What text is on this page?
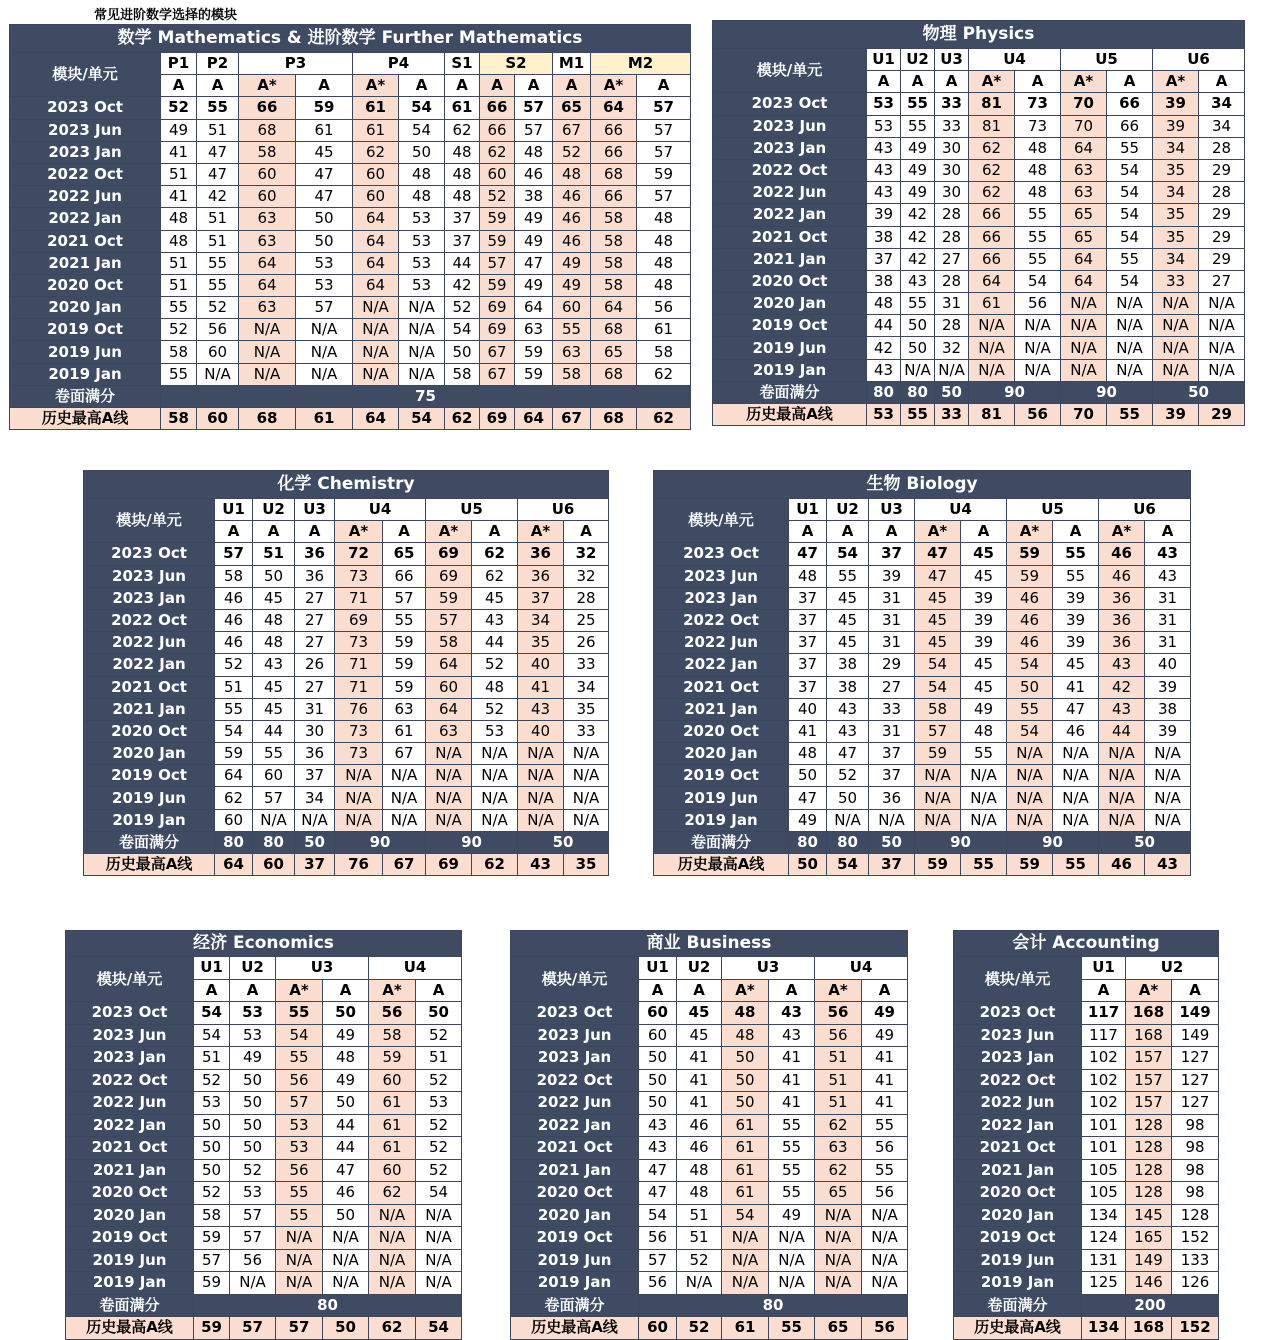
常见进阶数学选择的模块
数学 Mathematics & 进阶数学 Further Mathematics												
模块/单元	P1	P2	P3		P4		S1	S2		M1	M2	
	A	A	A*	A	A*	A	A	A	A	A	A*	A
2023 Oct	52	55	66	59	61	54	61	66	57	65	64	57
2023 Jun	49	51	68	61	61	54	62	66	57	67	66	57
2023 Jan	41	47	58	45	62	50	48	62	48	52	66	57
2022 Oct	51	47	60	47	60	48	48	60	46	48	68	59
2022 Jun	41	42	60	47	60	48	48	52	38	46	66	57
2022 Jan	48	51	63	50	64	53	37	59	49	46	58	48
2021 Oct	48	51	63	50	64	53	37	59	49	46	58	48
2021 Jan	51	55	64	53	64	53	44	57	47	49	58	48
2020 Oct	51	55	64	53	64	53	42	59	49	49	58	48
2020 Jan	55	52	63	57	N/A	N/A	52	69	64	60	64	56
2019 Oct	52	56	N/A	N/A	N/A	N/A	54	69	63	55	68	61
2019 Jun	58	60	N/A	N/A	N/A	N/A	50	67	59	63	65	58
2019 Jan	55	N/A	N/A	N/A	N/A	N/A	58	67	59	58	68	62
卷面满分	75											
历史最高A线	58	60	68	61	64	54	62	69	64	67	68	62
物理 Physics									
模块/单元	U1	U2	U3	U4		U5		U6	
	A	A	A	A*	A	A*	A	A*	A
2023 Oct	53	55	33	81	73	70	66	39	34
2023 Jun	53	55	33	81	73	70	66	39	34
2023 Jan	43	49	30	62	48	64	55	34	28
2022 Oct	43	49	30	62	48	63	54	35	29
2022 Jun	43	49	30	62	48	63	54	34	28
2022 Jan	39	42	28	66	55	65	54	35	29
2021 Oct	38	42	28	66	55	65	54	35	29
2021 Jan	37	42	27	66	55	64	55	34	29
2020 Oct	38	43	28	64	54	64	54	33	27
2020 Jan	48	55	31	61	56	N/A	N/A	N/A	N/A
2019 Oct	44	50	28	N/A	N/A	N/A	N/A	N/A	N/A
2019 Jun	42	50	32	N/A	N/A	N/A	N/A	N/A	N/A
2019 Jan	43	N/A	N/A	N/A	N/A	N/A	N/A	N/A	N/A
卷面满分	80	80	50	90		90		50	
历史最高A线	53	55	33	81	56	70	55	39	29
化学 Chemistry									
模块/单元	U1	U2	U3	U4		U5		U6	
	A	A	A	A*	A	A*	A	A*	A
2023 Oct	57	51	36	72	65	69	62	36	32
2023 Jun	58	50	36	73	66	69	62	36	32
2023 Jan	46	45	27	71	57	59	45	37	28
2022 Oct	46	48	27	69	55	57	43	34	25
2022 Jun	46	48	27	73	59	58	44	35	26
2022 Jan	52	43	26	71	59	64	52	40	33
2021 Oct	51	45	27	71	59	60	48	41	34
2021 Jan	55	45	31	76	63	64	52	43	35
2020 Oct	54	44	30	73	61	63	53	40	33
2020 Jan	59	55	36	73	67	N/A	N/A	N/A	N/A
2019 Oct	64	60	37	N/A	N/A	N/A	N/A	N/A	N/A
2019 Jun	62	57	34	N/A	N/A	N/A	N/A	N/A	N/A
2019 Jan	60	N/A	N/A	N/A	N/A	N/A	N/A	N/A	N/A
卷面满分	80	80	50	90		90		50	
历史最高A线	64	60	37	76	67	69	62	43	35
生物 Biology									
模块/单元	U1	U2	U3	U4		U5		U6	
	A	A	A	A*	A	A*	A	A*	A
2023 Oct	47	54	37	47	45	59	55	46	43
2023 Jun	48	55	39	47	45	59	55	46	43
2023 Jan	37	45	31	45	39	46	39	36	31
2022 Oct	37	45	31	45	39	46	39	36	31
2022 Jun	37	45	31	45	39	46	39	36	31
2022 Jan	37	38	29	54	45	54	45	43	40
2021 Oct	37	38	27	54	45	50	41	42	39
2021 Jan	40	43	33	58	49	55	47	43	38
2020 Oct	41	43	31	57	48	54	46	44	39
2020 Jan	48	47	37	59	55	N/A	N/A	N/A	N/A
2019 Oct	50	52	37	N/A	N/A	N/A	N/A	N/A	N/A
2019 Jun	47	50	36	N/A	N/A	N/A	N/A	N/A	N/A
2019 Jan	49	N/A	N/A	N/A	N/A	N/A	N/A	N/A	N/A
卷面满分	80	80	50	90		90		50	
历史最高A线	50	54	37	59	55	59	55	46	43
经济 Economics						
模块/单元	U1	U2	U3		U4	
	A	A	A*	A	A*	A
2023 Oct	54	53	55	50	56	50
2023 Jun	54	53	54	49	58	52
2023 Jan	51	49	55	48	59	51
2022 Oct	52	50	56	49	60	52
2022 Jun	53	50	57	50	61	53
2022 Jan	50	50	53	44	61	52
2021 Oct	50	50	53	44	61	52
2021 Jan	50	52	56	47	60	52
2020 Oct	52	53	55	46	62	54
2020 Jan	58	57	55	50	N/A	N/A
2019 Oct	59	57	N/A	N/A	N/A	N/A
2019 Jun	57	56	N/A	N/A	N/A	N/A
2019 Jan	59	N/A	N/A	N/A	N/A	N/A
卷面满分	80					
历史最高A线	59	57	57	50	62	54
商业 Business						
模块/单元	U1	U2	U3		U4	
	A	A	A*	A	A*	A
2023 Oct	60	45	48	43	56	49
2023 Jun	60	45	48	43	56	49
2023 Jan	50	41	50	41	51	41
2022 Oct	50	41	50	41	51	41
2022 Jun	50	41	50	41	51	41
2022 Jan	43	46	61	55	62	55
2021 Oct	43	46	61	55	63	56
2021 Jan	47	48	61	55	62	55
2020 Oct	47	48	61	55	65	56
2020 Jan	54	51	54	49	N/A	N/A
2019 Oct	56	51	N/A	N/A	N/A	N/A
2019 Jun	57	52	N/A	N/A	N/A	N/A
2019 Jan	56	N/A	N/A	N/A	N/A	N/A
卷面满分	80					
历史最高A线	60	52	61	55	65	56
会计 Accounting			
模块/单元	U1	U2	
	A	A*	A
2023 Oct	117	168	149
2023 Jun	117	168	149
2023 Jan	102	157	127
2022 Oct	102	157	127
2022 Jun	102	157	127
2022 Jan	101	128	98
2021 Oct	101	128	98
2021 Jan	105	128	98
2020 Oct	105	128	98
2020 Jan	134	145	128
2019 Oct	124	165	152
2019 Jun	131	149	133
2019 Jan	125	146	126
卷面满分	200		
历史最高A线	134	168	152
